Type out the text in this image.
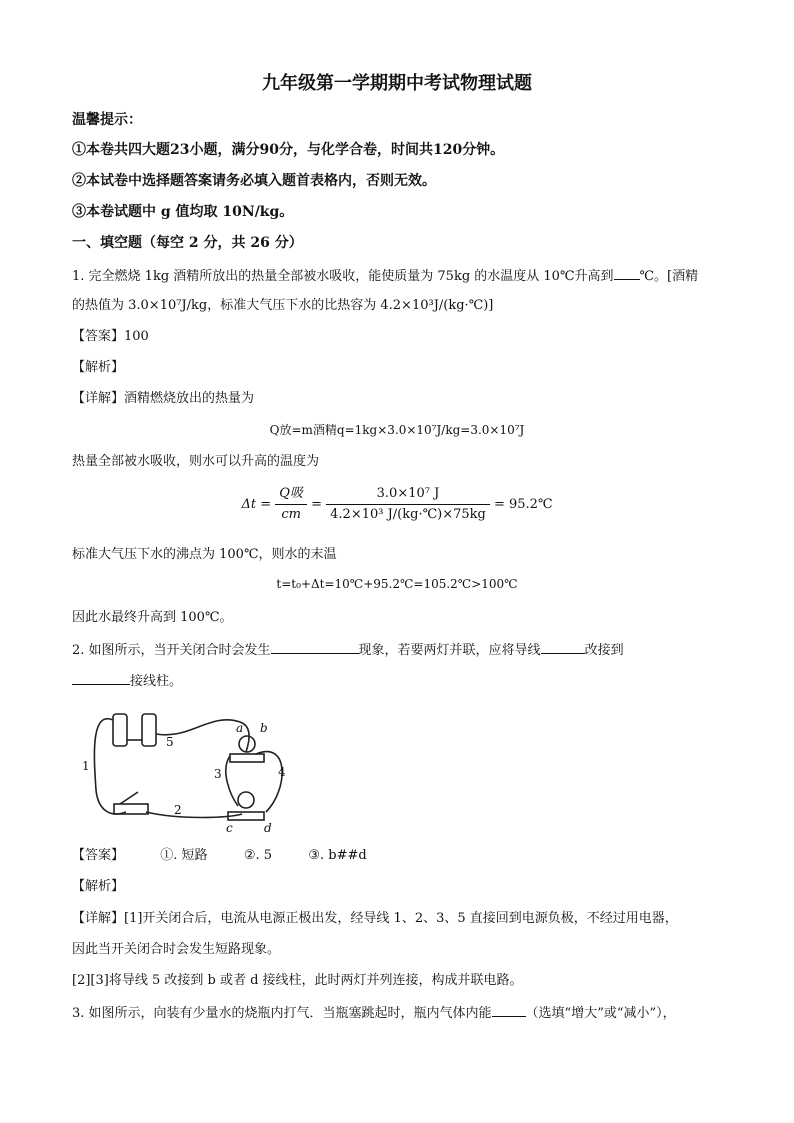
九年级第一学期期中考试物理试题
温馨提示：
①本卷共四大题23小题，满分90分，与化学合卷，时间共120分钟。
②本试卷中选择题答案请务必填入题首表格内，否则无效。
③本卷试题中 g 值均取 10N/kg。
一、填空题（每空 2 分，共 26 分）
1. 完全燃烧 1kg 酒精所放出的热量全部被水吸收，能使质量为 75kg 的水温度从 10℃升高到 ℃。[酒精
的热值为 3.0×10⁷J/kg，标准大气压下水的比热容为 4.2×10³J/(kg·℃)]
【答案】100
【解析】
【详解】酒精燃烧放出的热量为
Q放=m酒精q=1kg×3.0×10⁷J/kg=3.0×10⁷J
热量全部被水吸收，则水可以升高的温度为
$\Delta t = \frac{\text{Q吸}}{cm} = \frac{\text{3.0×10⁷ J}}{\text{4.2×10³ J/(kg·℃)×75kg}}$ = 95.2℃
标准大气压下水的沸点为 100℃，则水的末温
t=t₀+Δt=10℃+95.2℃=105.2℃>100℃
因此水最终升高到 100℃。
2. 如图所示，当开关闭合时会发生	现象，若要两灯并联，应将导线	改接到
接线柱。
a b
c	d
1
2
3	4
5
【答案】	①. 短路	②. 5	③. b##d
【解析】
【详解】[1]开关闭合后，电流从电源正极出发，经导线 1、2、3、5 直接回到电源负极，不经过用电器，
因此当开关闭合时会发生短路现象。
[2][3]将导线 5 改接到 b 或者 d 接线柱，此时两灯并列连接，构成并联电路。
3. 如图所示，向装有少量水的烧瓶内打气．当瓶塞跳起时，瓶内气体内能	（选填“增大”或“减小”），
